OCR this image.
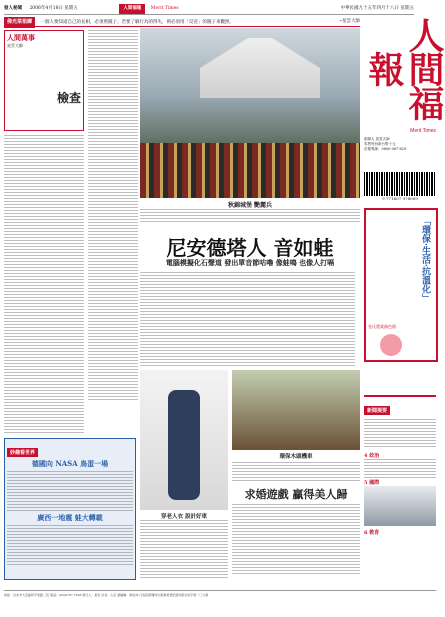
發人秘聞 2006年4月18日 星期五	人間福報 Merit Times	中華民國九十五年四月十八日 星期五
佛光菜根譚 一個人要知道自己的長相，必須照鏡子；若要了解行為的得失，則必須用「反省」的鏡子來觀照。	─星雲大師	人間福報
Merit Times
創辦人 星雲大師
零售每份新台幣十元
訂報專線：0800-067-829
9 771607 978009
人間萬事
星雲大師
檢查
秋錦城堡 艷麗兵
尼安德塔人 音如蛙
電腦模擬化石聲道 發出單音節咕嚕 像蛙鳴 也像人打嗝	「環保‧生活‧抗溫化」
金氏農業綠色園
新聞提要
4 政治
5 國際
6 教育
穿老人衣 設計好車
環保木頭機車
求婚遊戲 贏得美人歸
妙趣看世界
德國向 NASA 鳥蛋一場
廣西一地震 蛙大轉載
地址：台北市大安區和平東路二段 電話：(02)8787-7828 發行人：星雲 社長：心定 總編輯：柴松林 行政院新聞局出版事業登記證局版台誌字第一〇九號
